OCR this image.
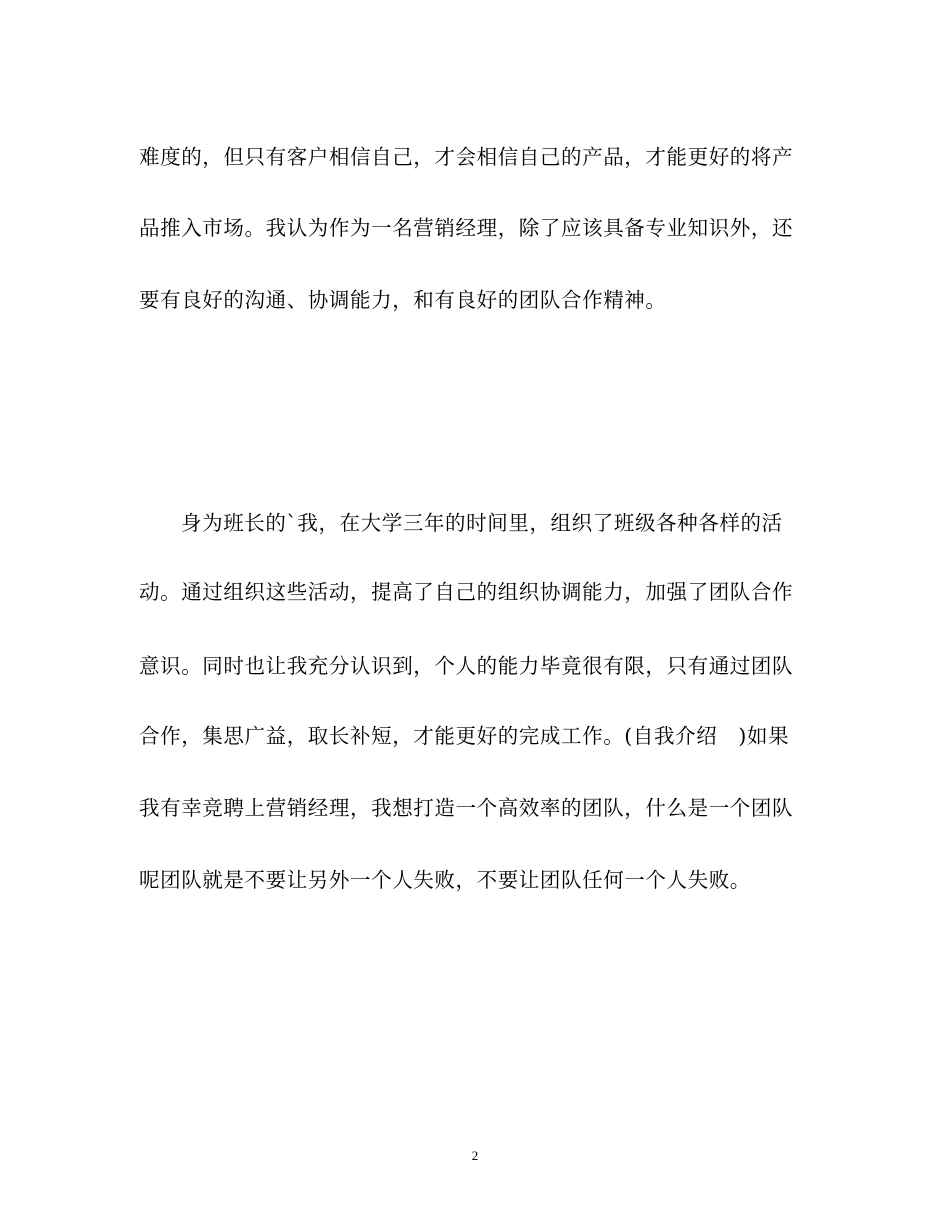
难度的，但只有客户相信自己，才会相信自己的产品，才能更好的将产
品推入市场。我认为作为一名营销经理，除了应该具备专业知识外，还
要有良好的沟通、协调能力，和有良好的团队合作精神。
身为班长的`我，在大学三年的时间里，组织了班级各种各样的活
动。通过组织这些活动，提高了自己的组织协调能力，加强了团队合作
意识。同时也让我充分认识到，个人的能力毕竟很有限，只有通过团队
合作，集思广益，取长补短，才能更好的完成工作。(自我介绍　)如果
我有幸竞聘上营销经理，我想打造一个高效率的团队，什么是一个团队
呢团队就是不要让另外一个人失败，不要让团队任何一个人失败。
2
